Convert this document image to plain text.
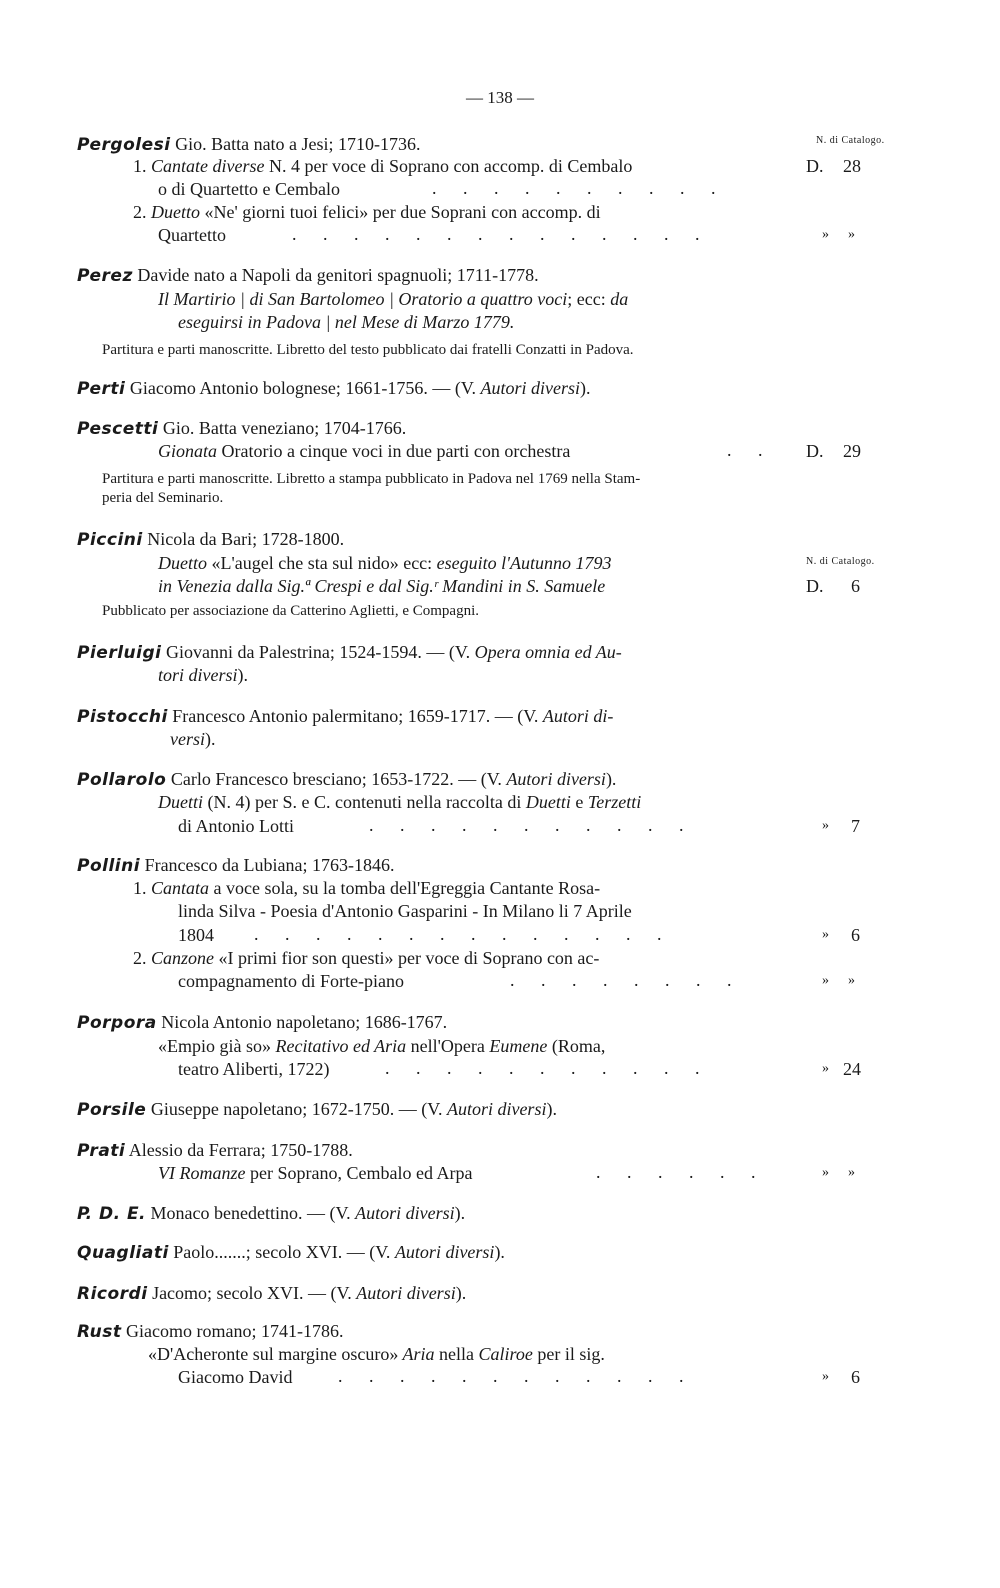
— 138 —
N. di Catalogo.
Pergolesi Gio. Batta nato a Jesi; 1710-1736.
1. Cantate diverse N. 4 per voce di Soprano con accomp. di Cembalo	D. 28
o di Quartetto e Cembalo	. . . . . . . . . .
2. Duetto «Ne' giorni tuoi felici» per due Soprani con accomp. di
Quartetto	. . . . . . . . . . . . . .	» »
Perez Davide nato a Napoli da genitori spagnuoli; 1711-1778.
Il Martirio | di San Bartolomeo | Oratorio a quattro voci; ecc: da
eseguirsi in Padova | nel Mese di Marzo 1779.
Partitura e parti manoscritte. Libretto del testo pubblicato dai fratelli Conzatti in Padova.
Perti Giacomo Antonio bolognese; 1661-1756. — (V. Autori diversi).
Pescetti Gio. Batta veneziano; 1704-1766.
Gionata Oratorio a cinque voci in due parti con orchestra	. . D. 29
Partitura e parti manoscritte. Libretto a stampa pubblicato in Padova nel 1769 nella Stam-
peria del Seminario.
Piccini Nicola da Bari; 1728-1800.
Duetto «L'augel che sta sul nido» ecc: eseguito l'Autunno 1793	N. di Catalogo.
in Venezia dalla Sig.ª Crespi e dal Sig.ʳ Mandini in S. Samuele	D. 6
Pubblicato per associazione da Catterino Aglietti, e Compagni.
Pierluigi Giovanni da Palestrina; 1524-1594. — (V. Opera omnia ed Au-
tori diversi).
Pistocchi Francesco Antonio palermitano; 1659-1717. — (V. Autori di-
versi).
Pollarolo Carlo Francesco bresciano; 1653-1722. — (V. Autori diversi).
Duetti (N. 4) per S. e C. contenuti nella raccolta di Duetti e Terzetti
di Antonio Lotti	. . . . . . . . . . .	» 7
Pollini Francesco da Lubiana; 1763-1846.
1. Cantata a voce sola, su la tomba dell'Egreggia Cantante Rosa-
linda Silva - Poesia d'Antonio Gasparini - In Milano li 7 Aprile
1804 . . . . . . . . . . . . . .	» 6
2. Canzone «I primi fior son questi» per voce di Soprano con ac-
compagnamento di Forte-piano	. . . . . . . .	» »
Porpora Nicola Antonio napoletano; 1686-1767.
«Empio già so» Recitativo ed Aria nell'Opera Eumene (Roma,
teatro Aliberti, 1722)	. . . . . . . . . . .	» 24
Porsile Giuseppe napoletano; 1672-1750. — (V. Autori diversi).
Prati Alessio da Ferrara; 1750-1788.
VI Romanze per Soprano, Cembalo ed Arpa	. . . . . .	» »
P. D. E. Monaco benedettino. — (V. Autori diversi).
Quagliati Paolo.......; secolo XVI. — (V. Autori diversi).
Ricordi Jacomo; secolo XVI. — (V. Autori diversi).
Rust Giacomo romano; 1741-1786.
«D'Acheronte sul margine oscuro» Aria nella Caliroe per il sig.
Giacomo David	. . . . . . . . . . . .	» 6
